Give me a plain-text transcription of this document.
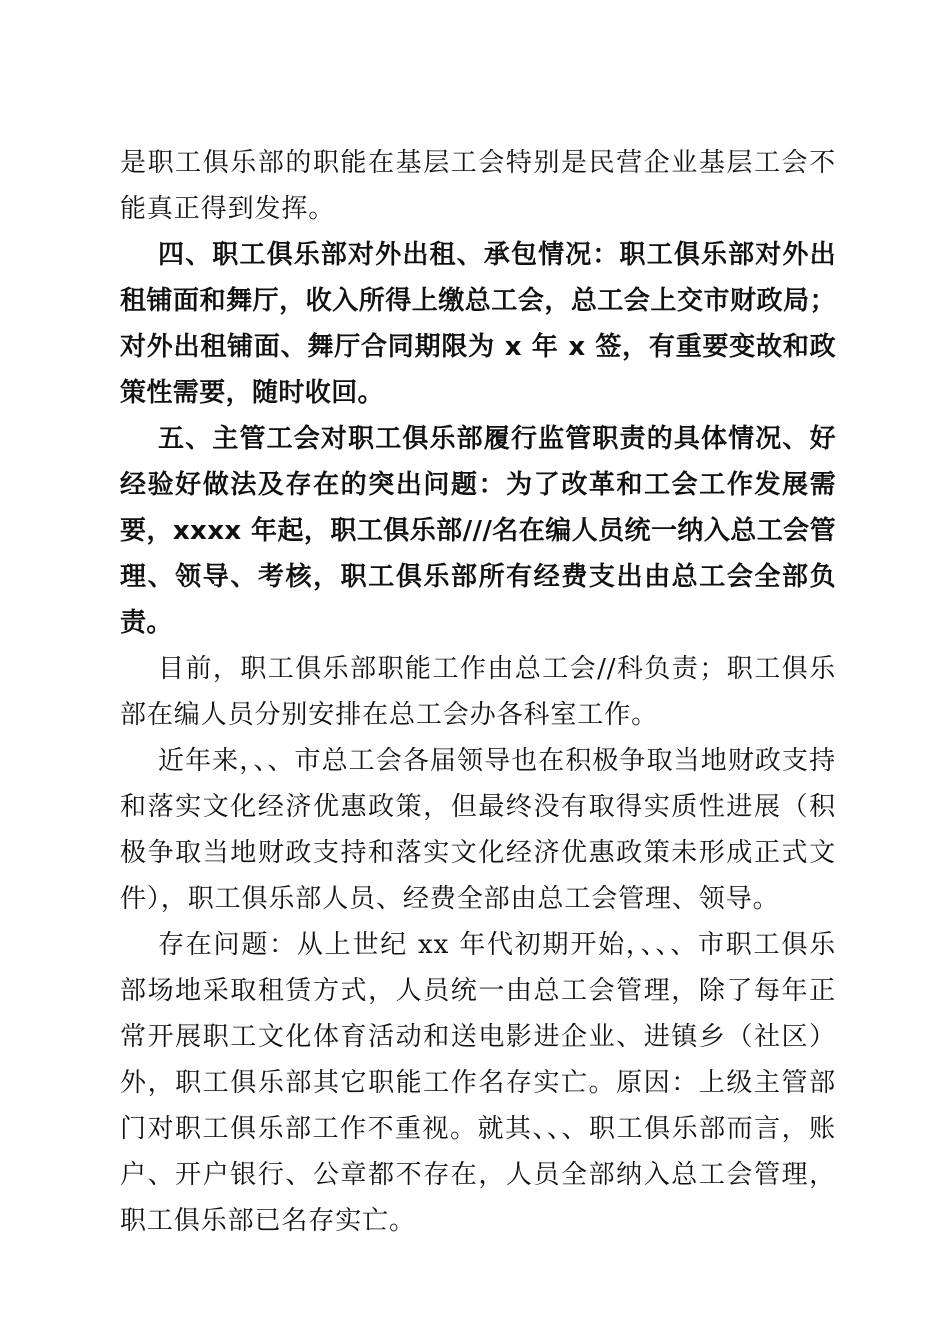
是职工俱乐部的职能在基层工会特别是民营企业基层工会不能真正得到发挥。

四、职工俱乐部对外出租、承包情况：职工俱乐部对外出租铺面和舞厅，收入所得上缴总工会，总工会上交市财政局；对外出租铺面、舞厅合同期限为 x 年 x 签，有重要变故和政策性需要，随时收回。

五、主管工会对职工俱乐部履行监管职责的具体情况、好经验好做法及存在的突出问题：为了改革和工会工作发展需要，xxxx 年起，职工俱乐部///名在编人员统一纳入总工会管理、领导、考核，职工俱乐部所有经费支出由总工会全部负责。

目前，职工俱乐部职能工作由总工会//科负责；职工俱乐部在编人员分别安排在总工会办各科室工作。

近年来，、、市总工会各届领导也在积极争取当地财政支持和落实文化经济优惠政策，但最终没有取得实质性进展（积极争取当地财政支持和落实文化经济优惠政策未形成正式文件），职工俱乐部人员、经费全部由总工会管理、领导。

存在问题：从上世纪 xx 年代初期开始，、、、市职工俱乐部场地采取租赁方式，人员统一由总工会管理，除了每年正常开展职工文化体育活动和送电影进企业、进镇乡（社区）外，职工俱乐部其它职能工作名存实亡。原因：上级主管部门对职工俱乐部工作不重视。就其、、、职工俱乐部而言，账户、开户银行、公章都不存在，人员全部纳入总工会管理，职工俱乐部已名存实亡。
